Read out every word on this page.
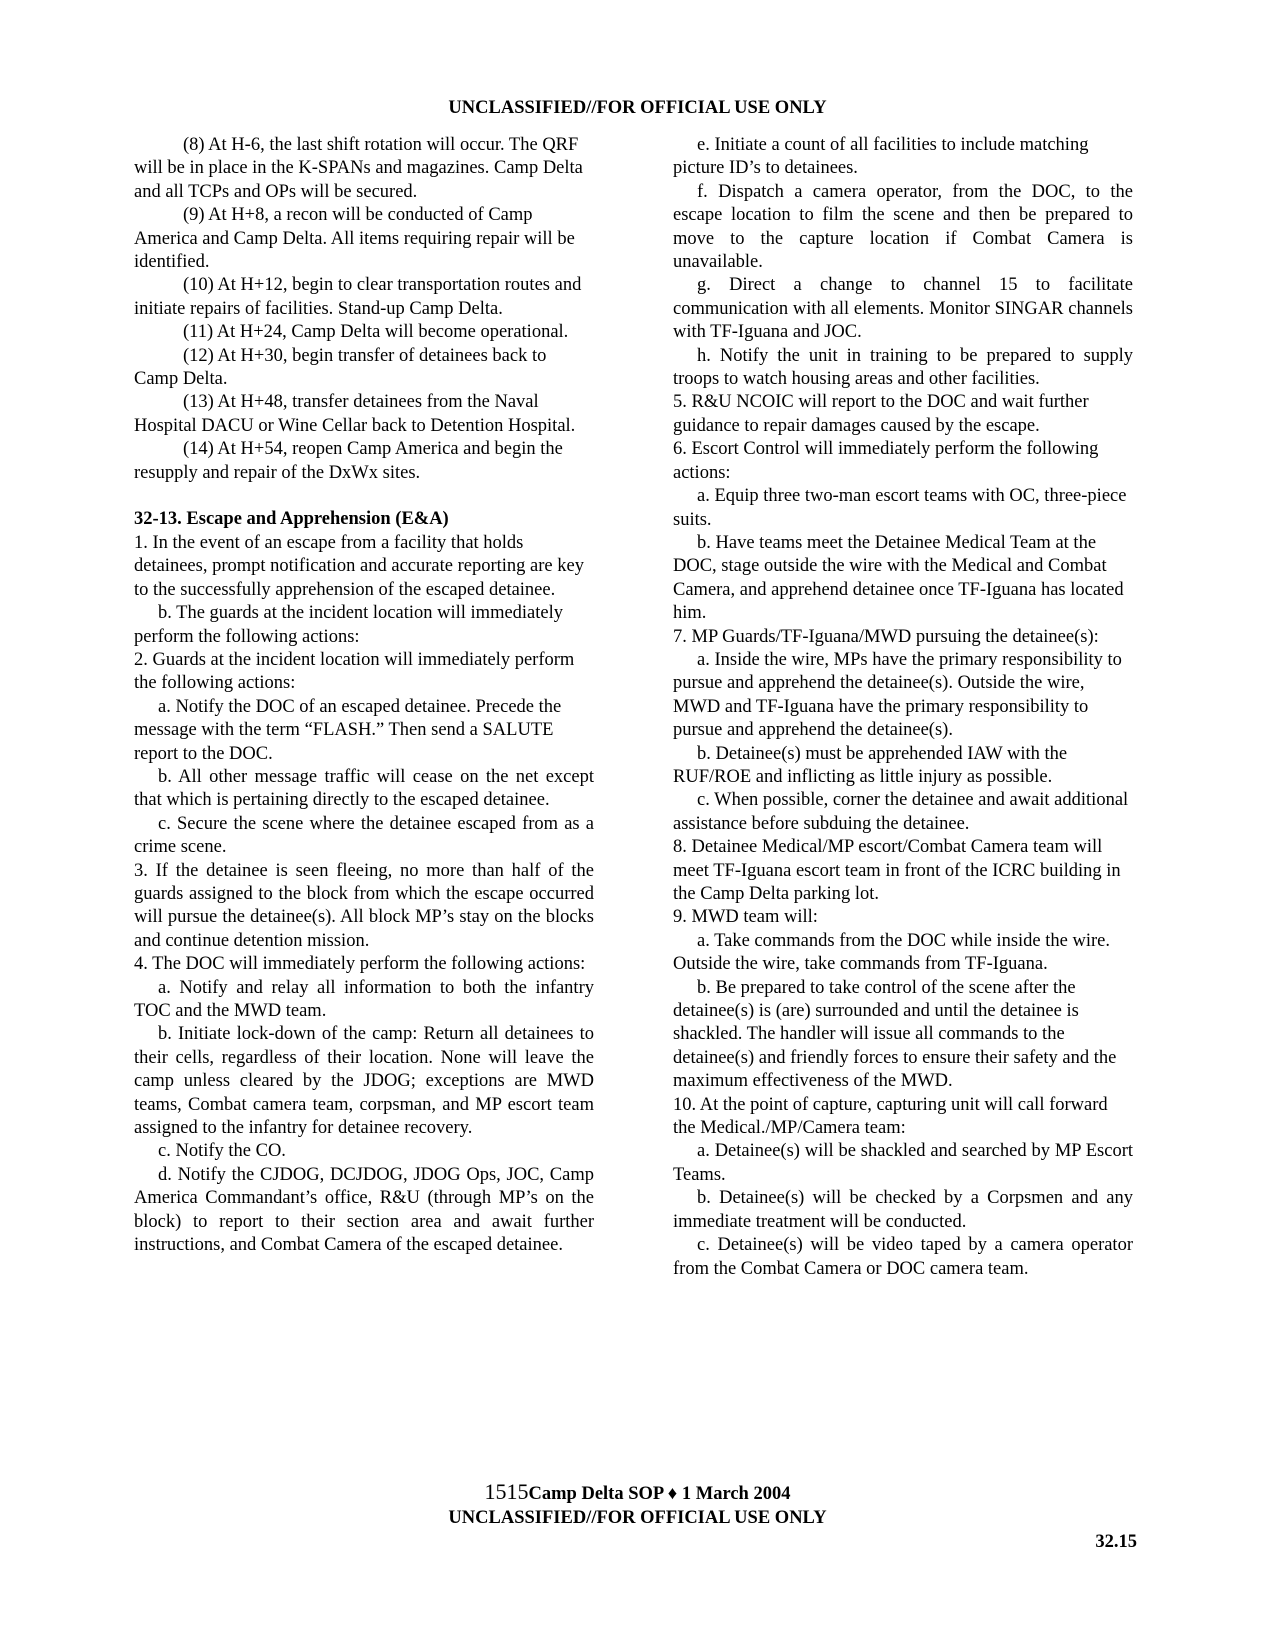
UNCLASSIFIED//FOR OFFICIAL USE ONLY

(8) At H-6, the last shift rotation will occur. The QRF will be in place in the K-SPANs and magazines. Camp Delta and all TCPs and OPs will be secured.

(9) At H+8, a recon will be conducted of Camp America and Camp Delta. All items requiring repair will be identified.

(10) At H+12, begin to clear transportation routes and initiate repairs of facilities. Stand-up Camp Delta.

(11) At H+24, Camp Delta will become operational.

(12) At H+30, begin transfer of detainees back to Camp Delta.

(13) At H+48, transfer detainees from the Naval Hospital DACU or Wine Cellar back to Detention Hospital.

(14) At H+54, reopen Camp America and begin the resupply and repair of the DxWx sites.

32-13. Escape and Apprehension (E&A)

1. In the event of an escape from a facility that holds detainees, prompt notification and accurate reporting are key to the successfully apprehension of the escaped detainee.

b. The guards at the incident location will immediately perform the following actions:

2. Guards at the incident location will immediately perform the following actions:

a. Notify the DOC of an escaped detainee. Precede the message with the term “FLASH.” Then send a SALUTE report to the DOC.

b. All other message traffic will cease on the net except that which is pertaining directly to the escaped detainee.

c. Secure the scene where the detainee escaped from as a crime scene.

3. If the detainee is seen fleeing, no more than half of the guards assigned to the block from which the escape occurred will pursue the detainee(s). All block MP’s stay on the blocks and continue detention mission.

4. The DOC will immediately perform the following actions:

a. Notify and relay all information to both the infantry TOC and the MWD team.

b. Initiate lock-down of the camp: Return all detainees to their cells, regardless of their location. None will leave the camp unless cleared by the JDOG; exceptions are MWD teams, Combat camera team, corpsman, and MP escort team assigned to the infantry for detainee recovery.

c. Notify the CO.

d. Notify the CJDOG, DCJDOG, JDOG Ops, JOC, Camp America Commandant’s office, R&U (through MP’s on the block) to report to their section area and await further instructions, and Combat Camera of the escaped detainee.

e. Initiate a count of all facilities to include matching picture ID’s to detainees.

f. Dispatch a camera operator, from the DOC, to the escape location to film the scene and then be prepared to move to the capture location if Combat Camera is unavailable.

g. Direct a change to channel 15 to facilitate communication with all elements. Monitor SINGAR channels with TF-Iguana and JOC.

h. Notify the unit in training to be prepared to supply troops to watch housing areas and other facilities.

5. R&U NCOIC will report to the DOC and wait further guidance to repair damages caused by the escape.

6. Escort Control will immediately perform the following actions:

a. Equip three two-man escort teams with OC, three-piece suits.

b. Have teams meet the Detainee Medical Team at the DOC, stage outside the wire with the Medical and Combat Camera, and apprehend detainee once TF-Iguana has located him.

7. MP Guards/TF-Iguana/MWD pursuing the detainee(s):

a. Inside the wire, MPs have the primary responsibility to pursue and apprehend the detainee(s). Outside the wire, MWD and TF-Iguana have the primary responsibility to pursue and apprehend the detainee(s).

b. Detainee(s) must be apprehended IAW with the RUF/ROE and inflicting as little injury as possible.

c. When possible, corner the detainee and await additional assistance before subduing the detainee.

8. Detainee Medical/MP escort/Combat Camera team will meet TF-Iguana escort team in front of the ICRC building in the Camp Delta parking lot.

9. MWD team will:

a. Take commands from the DOC while inside the wire. Outside the wire, take commands from TF-Iguana.

b. Be prepared to take control of the scene after the detainee(s) is (are) surrounded and until the detainee is shackled. The handler will issue all commands to the detainee(s) and friendly forces to ensure their safety and the maximum effectiveness of the MWD.

10. At the point of capture, capturing unit will call forward the Medical./MP/Camera team:

a. Detainee(s) will be shackled and searched by MP Escort Teams.

b. Detainee(s) will be checked by a Corpsmen and any immediate treatment will be conducted.

c. Detainee(s) will be video taped by a camera operator from the Combat Camera or DOC camera team.

1515Camp Delta SOP ♦ 1 March 2004
UNCLASSIFIED//FOR OFFICIAL USE ONLY
32.15
